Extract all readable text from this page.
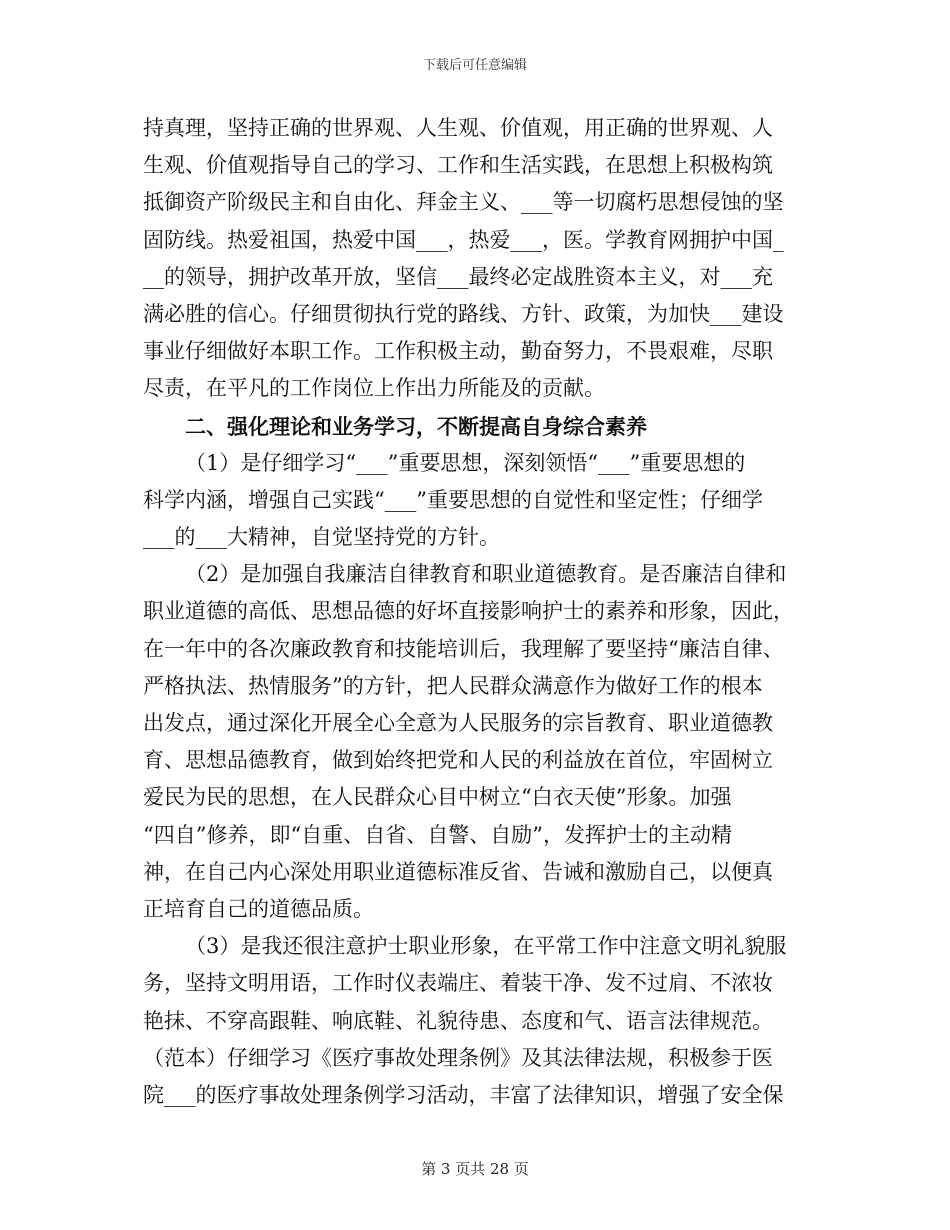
下载后可任意编辑
持真理，坚持正确的世界观、人生观、价值观，用正确的世界观、人
生观、价值观指导自己的学习、工作和生活实践，在思想上积极构筑
抵御资产阶级民主和自由化、拜金主义、___等一切腐朽思想侵蚀的坚
固防线。热爱祖国，热爱中国___，热爱___，医。学教育网拥护中国_
__的领导，拥护改革开放，坚信___最终必定战胜资本主义，对___充
满必胜的信心。仔细贯彻执行党的路线、方针、政策，为加快___建设
事业仔细做好本职工作。工作积极主动，勤奋努力，不畏艰难，尽职
尽责，在平凡的工作岗位上作出力所能及的贡献。
二、强化理论和业务学习，不断提高自身综合素养
（1）是仔细学习“___”重要思想，深刻领悟“___”重要思想的
科学内涵，增强自己实践“___”重要思想的自觉性和坚定性；仔细学
___的___大精神，自觉坚持党的方针。
（2）是加强自我廉洁自律教育和职业道德教育。是否廉洁自律和
职业道德的高低、思想品德的好坏直接影响护士的素养和形象，因此，
在一年中的各次廉政教育和技能培训后，我理解了要坚持“廉洁自律、
严格执法、热情服务”的方针，把人民群众满意作为做好工作的根本
出发点，通过深化开展全心全意为人民服务的宗旨教育、职业道德教
育、思想品德教育，做到始终把党和人民的利益放在首位，牢固树立
爱民为民的思想，在人民群众心目中树立“白衣天使”形象。加强
“四自”修养，即“自重、自省、自警、自励”，发挥护士的主动精
神，在自己内心深处用职业道德标准反省、告诫和激励自己，以便真
正培育自己的道德品质。
（3）是我还很注意护士职业形象，在平常工作中注意文明礼貌服
务，坚持文明用语，工作时仪表端庄、着装干净、发不过肩、不浓妆
艳抹、不穿高跟鞋、响底鞋、礼貌待患、态度和气、语言法律规范。
（范本）仔细学习《医疗事故处理条例》及其法律法规，积极参于医
院___的医疗事故处理条例学习活动，丰富了法律知识，增强了安全保
第 3 页共 28 页
